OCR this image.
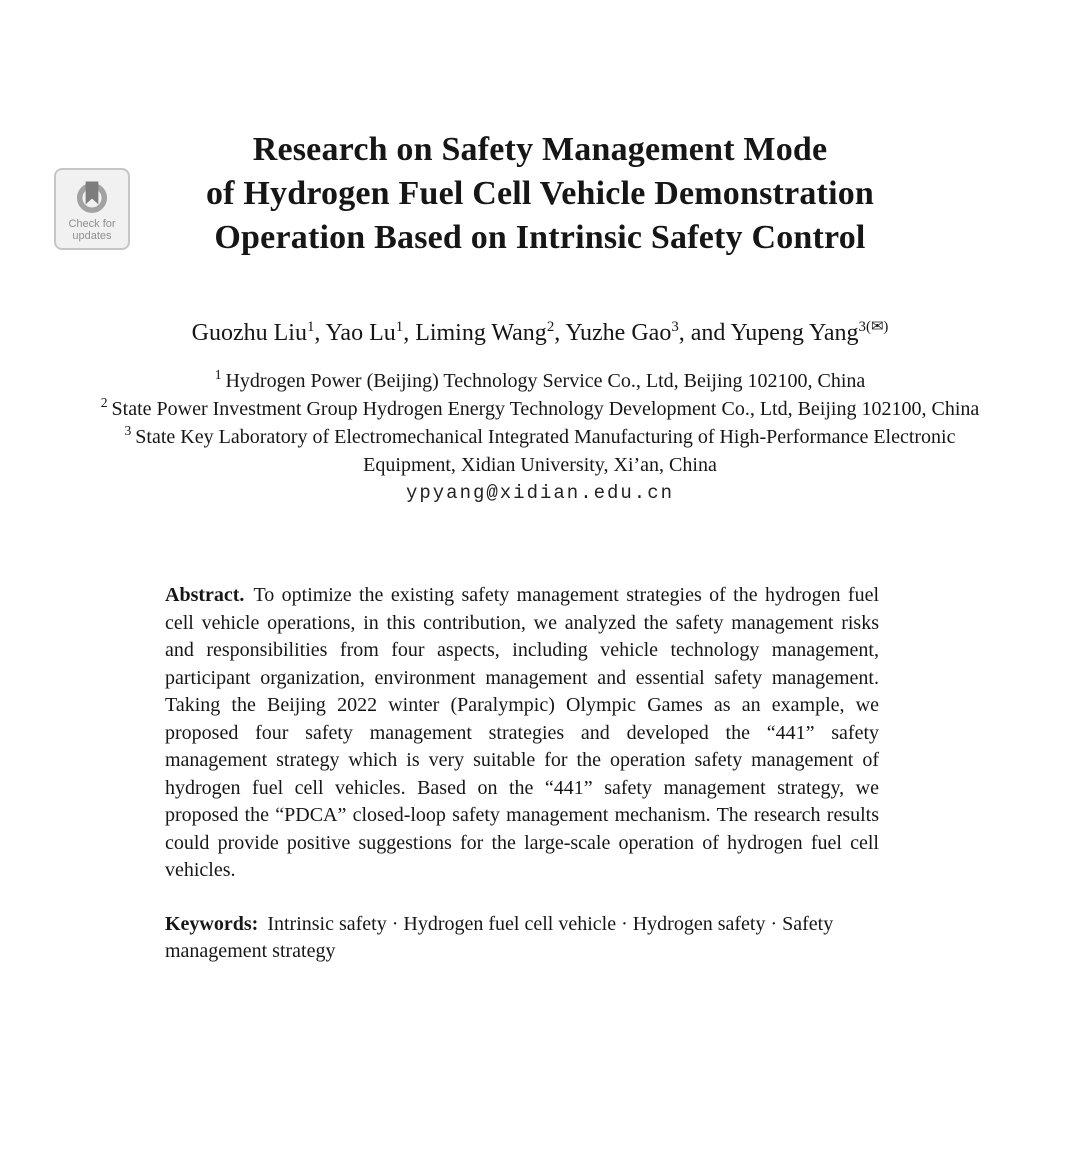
Check for
updates
Research on Safety Management Mode
of Hydrogen Fuel Cell Vehicle Demonstration
Operation Based on Intrinsic Safety Control
Guozhu Liu$^1$, Yao Lu$^1$, Liming Wang$^2$, Yuzhe Gao$^3$, and Yupeng Yang$^{3(✉)}$
$^1$ Hydrogen Power (Beijing) Technology Service Co., Ltd, Beijing 102100, China
$^2$ State Power Investment Group Hydrogen Energy Technology Development Co., Ltd, Beijing 102100, China
$^3$ State Key Laboratory of Electromechanical Integrated Manufacturing of High-Performance Electronic Equipment, Xidian University, Xi’an, China
ypyang@xidian.edu.cn
Abstract. To optimize the existing safety management strategies of the hydrogen fuel cell vehicle operations, in this contribution, we analyzed the safety management risks and responsibilities from four aspects, including vehicle technology management, participant organization, environment management and essential safety management. Taking the Beijing 2022 winter (Paralympic) Olympic Games as an example, we proposed four safety management strategies and developed the “441” safety management strategy which is very suitable for the operation safety management of hydrogen fuel cell vehicles. Based on the “441” safety management strategy, we proposed the “PDCA” closed-loop safety management mechanism. The research results could provide positive suggestions for the large-scale operation of hydrogen fuel cell vehicles.
Keywords: Intrinsic safety · Hydrogen fuel cell vehicle · Hydrogen safety · Safety management strategy
